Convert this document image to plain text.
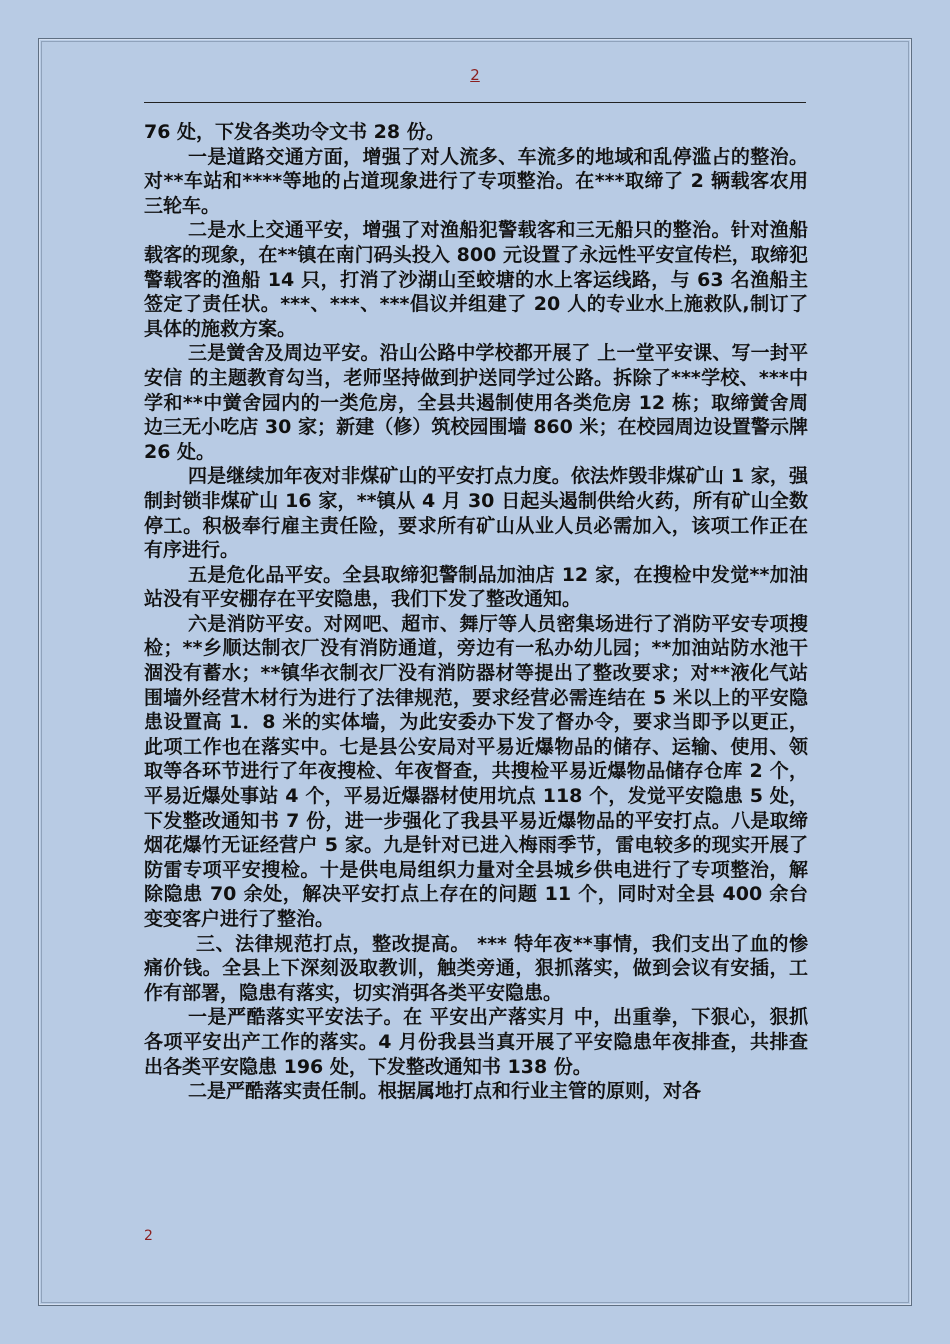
2

76 处，下发各类功令文书 28 份。

一是道路交通方面，增强了对人流多、车流多的地域和乱停滥占的整治。对**车站和****等地的占道现象进行了专项整治。在***取缔了 2 辆载客农用三轮车。

二是水上交通平安，增强了对渔船犯警载客和三无船只的整治。针对渔船载客的现象，在**镇在南门码头投入 800 元设置了永远性平安宣传栏，取缔犯警载客的渔船 14 只，打消了沙湖山至蛟塘的水上客运线路，与 63 名渔船主签定了责任状。***、***、***倡议并组建了 20 人的专业水上施救队,制订了具体的施救方案。

三是黉舍及周边平安。沿山公路中学校都开展了 上一堂平安课、写一封平安信 的主题教育勾当，老师坚持做到护送同学过公路。拆除了***学校、***中学和**中黉舍园内的一类危房，全县共遏制使用各类危房 12 栋；取缔黉舍周边三无小吃店 30 家；新建（修）筑校园围墙 860 米；在校园周边设置警示牌 26 处。

四是继续加年夜对非煤矿山的平安打点力度。依法炸毁非煤矿山 1 家，强制封锁非煤矿山 16 家，**镇从 4 月 30 日起头遏制供给火药，所有矿山全数停工。积极奉行雇主责任险，要求所有矿山从业人员必需加入，该项工作正在有序进行。

五是危化品平安。全县取缔犯警制品加油店 12 家，在搜检中发觉**加油站没有平安棚存在平安隐患，我们下发了整改通知。

六是消防平安。对网吧、超市、舞厅等人员密集场进行了消防平安专项搜检；**乡顺达制衣厂没有消防通道，旁边有一私办幼儿园；**加油站防水池干涸没有蓄水；**镇华衣制衣厂没有消防器材等提出了整改要求；对**液化气站围墙外经营木材行为进行了法律规范，要求经营必需连结在 5 米以上的平安隐患设置高 1．8 米的实体墙，为此安委办下发了督办令，要求当即予以更正，此项工作也在落实中。七是县公安局对平易近爆物品的储存、运输、使用、领取等各环节进行了年夜搜检、年夜督查，共搜检平易近爆物品储存仓库 2 个，平易近爆处事站 4 个，平易近爆器材使用坑点 118 个，发觉平安隐患 5 处，下发整改通知书 7 份，进一步强化了我县平易近爆物品的平安打点。八是取缔烟花爆竹无证经营户 5 家。九是针对已进入梅雨季节，雷电较多的现实开展了防雷专项平安搜检。十是供电局组织力量对全县城乡供电进行了专项整治，解除隐患 70 余处，解决平安打点上存在的问题 11 个，同时对全县 400 余台变变客户进行了整治。

三、法律规范打点，整改提高。 *** 特年夜**事情，我们支出了血的惨痛价钱。全县上下深刻汲取教训，触类旁通，狠抓落实，做到会议有安插，工作有部署，隐患有落实，切实消弭各类平安隐患。

一是严酷落实平安法子。在 平安出产落实月 中，出重拳，下狠心，狠抓各项平安出产工作的落实。4 月份我县当真开展了平安隐患年夜排查，共排查出各类平安隐患 196 处，下发整改通知书 138 份。

二是严酷落实责任制。根据属地打点和行业主管的原则，对各

2
